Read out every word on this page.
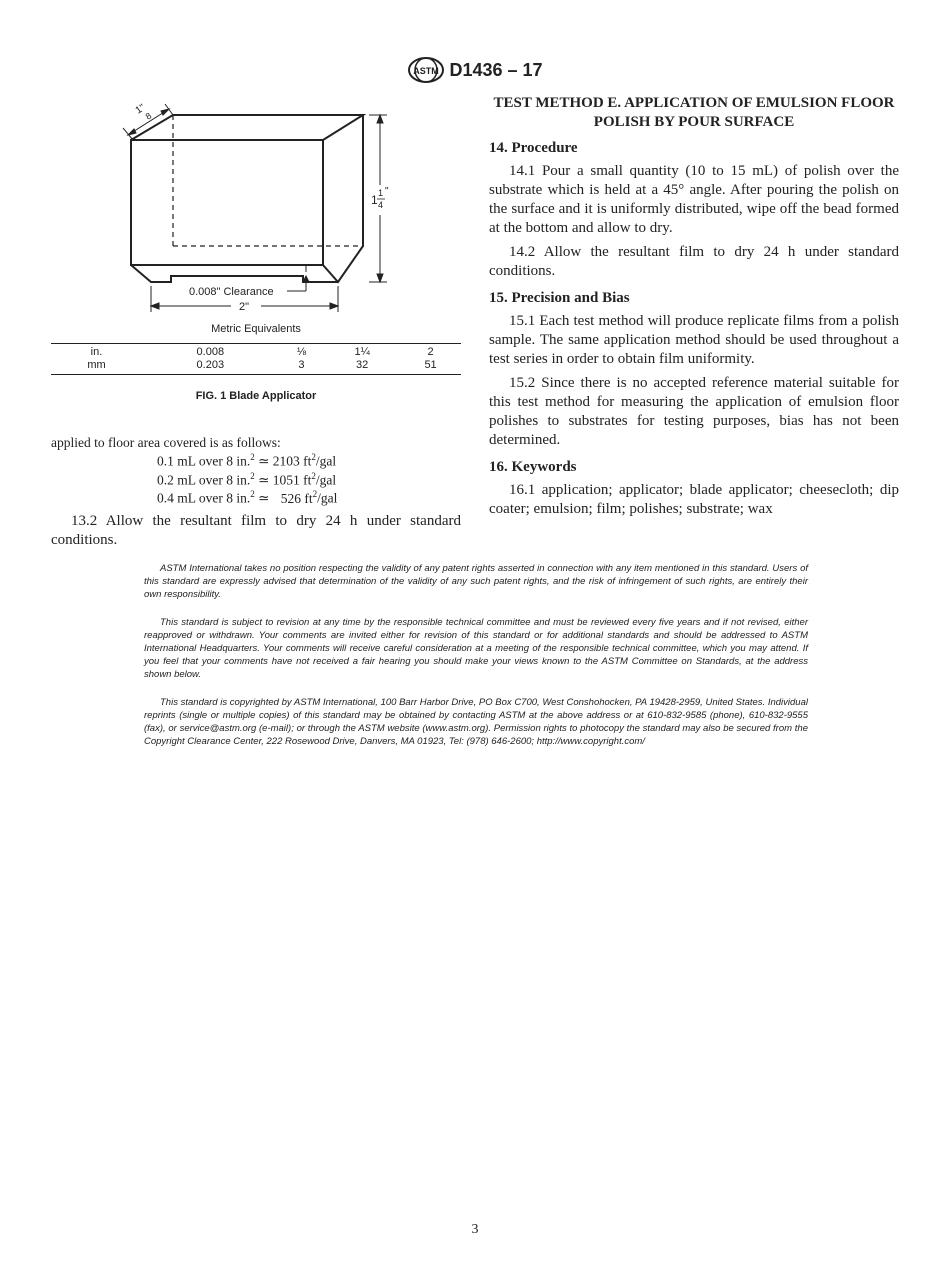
ASTM D1436 – 17
1"
8
1 1
4
"
0.008" Clearance
2"
Metric Equivalents
in.	0.008	⅛	1¼	2
mm	0.203	3	32	51
FIG. 1 Blade Applicator
applied to floor area covered is as follows:
0.1 mL over 8 in.$^2$ ≃ 2103 $ft^2$/gal
0.2 mL over 8 in.$^2$ ≃ 1051 $ft^2$/gal
0.4 mL over 8 in.$^2$ ≃ 526 $ft^2$/gal

13.2 Allow the resultant film to dry 24 h under standard conditions.

TEST METHOD E. APPLICATION OF EMULSION FLOOR POLISH BY POUR SURFACE

14. Procedure

14.1 Pour a small quantity (10 to 15 mL) of polish over the substrate which is held at a 45° angle. After pouring the polish on the surface and it is uniformly distributed, wipe off the bead formed at the bottom and allow to dry.

14.2 Allow the resultant film to dry 24 h under standard conditions.

15. Precision and Bias

15.1 Each test method will produce replicate films from a polish sample. The same application method should be used throughout a test series in order to obtain film uniformity.

15.2 Since there is no accepted reference material suitable for this test method for measuring the application of emulsion floor polishes to substrates for testing purposes, bias has not been determined.

16. Keywords

16.1 application; applicator; blade applicator; cheesecloth; dip coater; emulsion; film; polishes; substrate; wax

ASTM International takes no position respecting the validity of any patent rights asserted in connection with any item mentioned in this standard. Users of this standard are expressly advised that determination of the validity of any such patent rights, and the risk of infringement of such rights, are entirely their own responsibility.

This standard is subject to revision at any time by the responsible technical committee and must be reviewed every five years and if not revised, either reapproved or withdrawn. Your comments are invited either for revision of this standard or for additional standards and should be addressed to ASTM International Headquarters. Your comments will receive careful consideration at a meeting of the responsible technical committee, which you may attend. If you feel that your comments have not received a fair hearing you should make your views known to the ASTM Committee on Standards, at the address shown below.

This standard is copyrighted by ASTM International, 100 Barr Harbor Drive, PO Box C700, West Conshohocken, PA 19428-2959, United States. Individual reprints (single or multiple copies) of this standard may be obtained by contacting ASTM at the above address or at 610-832-9585 (phone), 610-832-9555 (fax), or service@astm.org (e-mail); or through the ASTM website (www.astm.org). Permission rights to photocopy the standard may also be secured from the Copyright Clearance Center, 222 Rosewood Drive, Danvers, MA 01923, Tel: (978) 646-2600; http://www.copyright.com/

3
